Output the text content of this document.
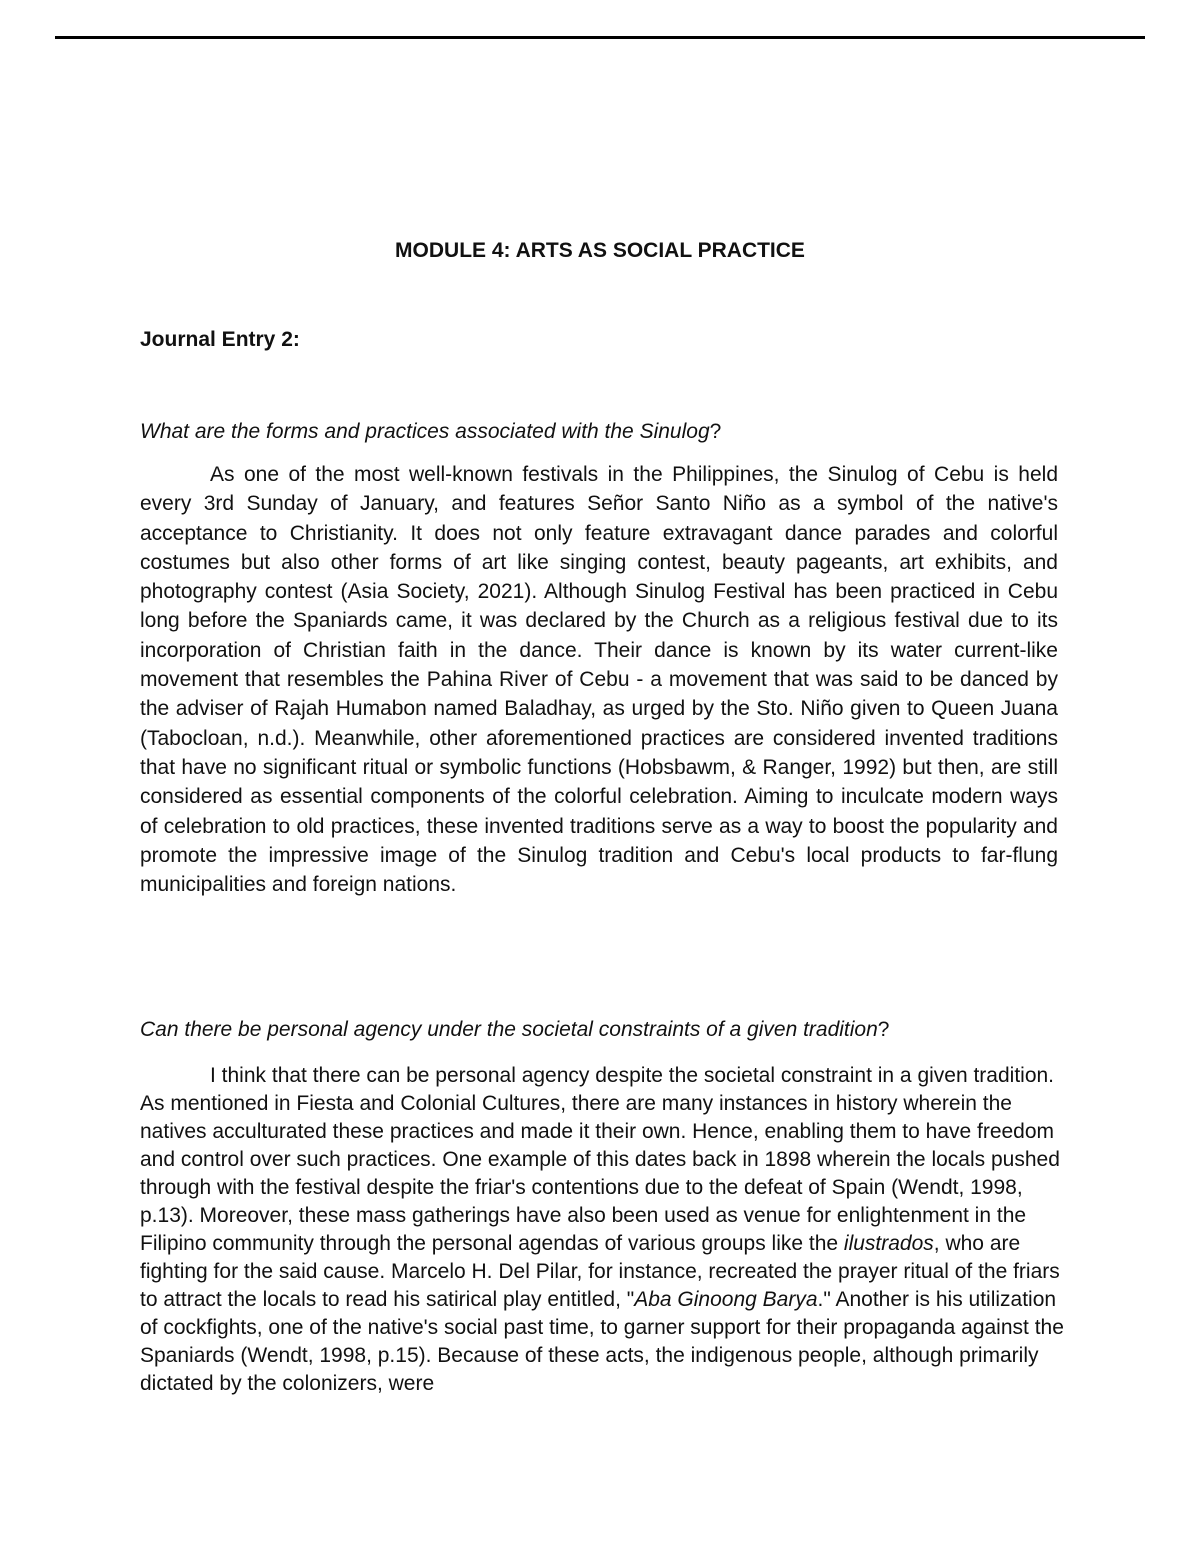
MODULE 4: ARTS AS SOCIAL PRACTICE

Journal Entry 2:

What are the forms and practices associated with the Sinulog?

As one of the most well-known festivals in the Philippines, the Sinulog of Cebu is held every 3rd Sunday of January, and features Señor Santo Niño as a symbol of the native's acceptance to Christianity. It does not only feature extravagant dance parades and colorful costumes but also other forms of art like singing contest, beauty pageants, art exhibits, and photography contest (Asia Society, 2021). Although Sinulog Festival has been practiced in Cebu long before the Spaniards came, it was declared by the Church as a religious festival due to its incorporation of Christian faith in the dance. Their dance is known by its water current-like movement that resembles the Pahina River of Cebu - a movement that was said to be danced by the adviser of Rajah Humabon named Baladhay, as urged by the Sto. Niño given to Queen Juana (Tabocloan, n.d.). Meanwhile, other aforementioned practices are considered invented traditions that have no significant ritual or symbolic functions (Hobsbawm, & Ranger, 1992) but then, are still considered as essential components of the colorful celebration. Aiming to inculcate modern ways of celebration to old practices, these invented traditions serve as a way to boost the popularity and promote the impressive image of the Sinulog tradition and Cebu's local products to far-flung municipalities and foreign nations.

Can there be personal agency under the societal constraints of a given tradition?

I think that there can be personal agency despite the societal constraint in a given tradition. As mentioned in Fiesta and Colonial Cultures, there are many instances in history wherein the natives acculturated these practices and made it their own. Hence, enabling them to have freedom and control over such practices. One example of this dates back in 1898 wherein the locals pushed through with the festival despite the friar's contentions due to the defeat of Spain (Wendt, 1998, p.13). Moreover, these mass gatherings have also been used as venue for enlightenment in the Filipino community through the personal agendas of various groups like the ilustrados, who are fighting for the said cause. Marcelo H. Del Pilar, for instance, recreated the prayer ritual of the friars to attract the locals to read his satirical play entitled, "Aba Ginoong Barya." Another is his utilization of cockfights, one of the native's social past time, to garner support for their propaganda against the Spaniards (Wendt, 1998, p.15). Because of these acts, the indigenous people, although primarily dictated by the colonizers, were
